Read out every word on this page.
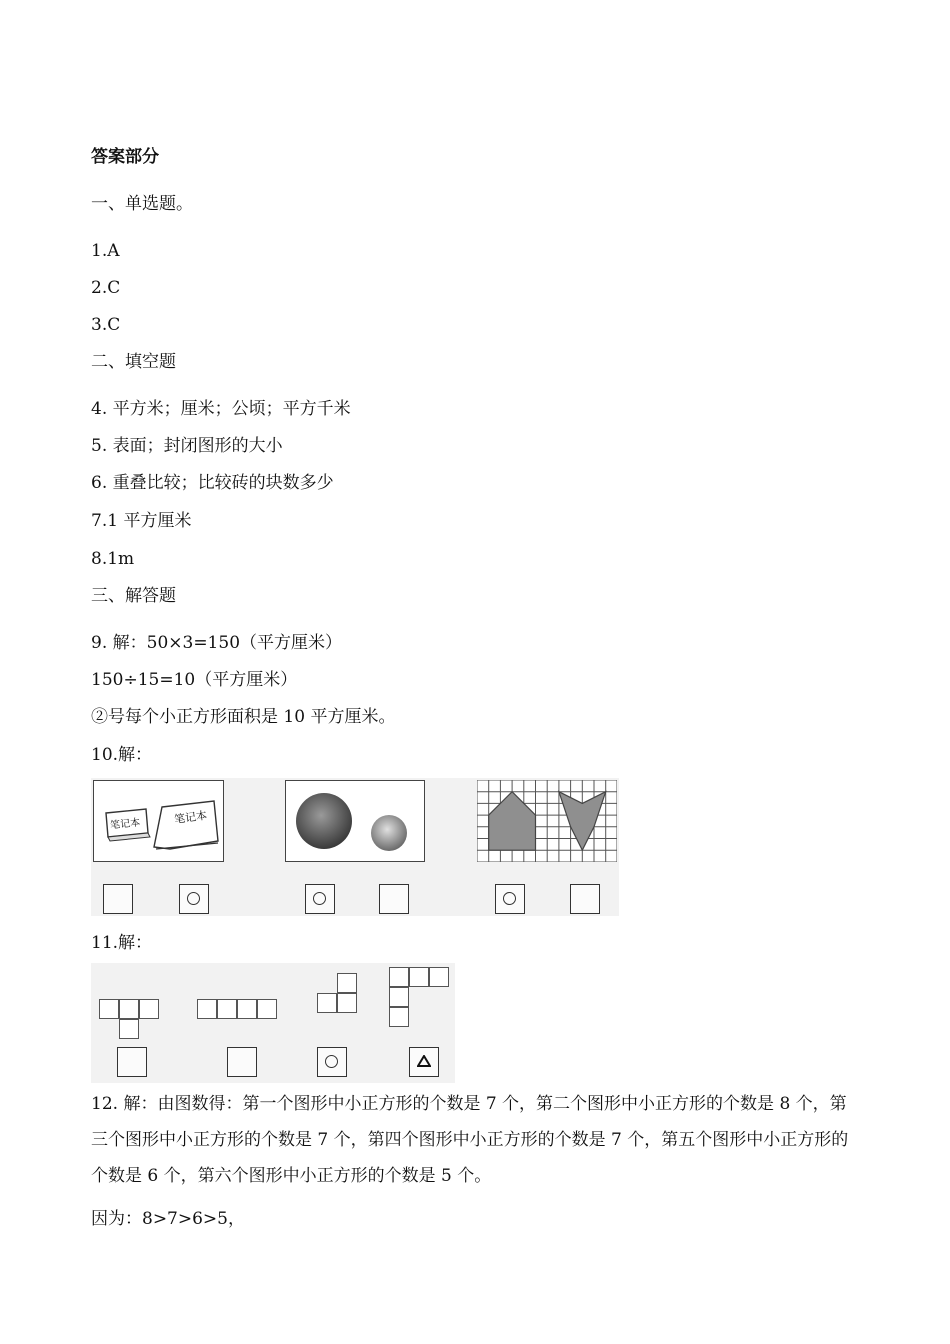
答案部分
一、单选题。
1.A
2.C
3.C
二、填空题
4. 平方米；厘米；公顷；平方千米
5. 表面；封闭图形的大小
6. 重叠比较；比较砖的块数多少
7.1 平方厘米
8.1m
三、解答题
9. 解：50×3=150（平方厘米）
150÷15=10（平方厘米）
②号每个小正方形面积是 10 平方厘米。
10.解：
笔记本	笔记本
11.解：
12. 解：由图数得：第一个图形中小正方形的个数是 7 个，第二个图形中小正方形的个数是 8 个，第三个图形中小正方形的个数是 7 个，第四个图形中小正方形的个数是 7 个，第五个图形中小正方形的个数是 6 个，第六个图形中小正方形的个数是 5 个。
因为：8>7>6>5，
